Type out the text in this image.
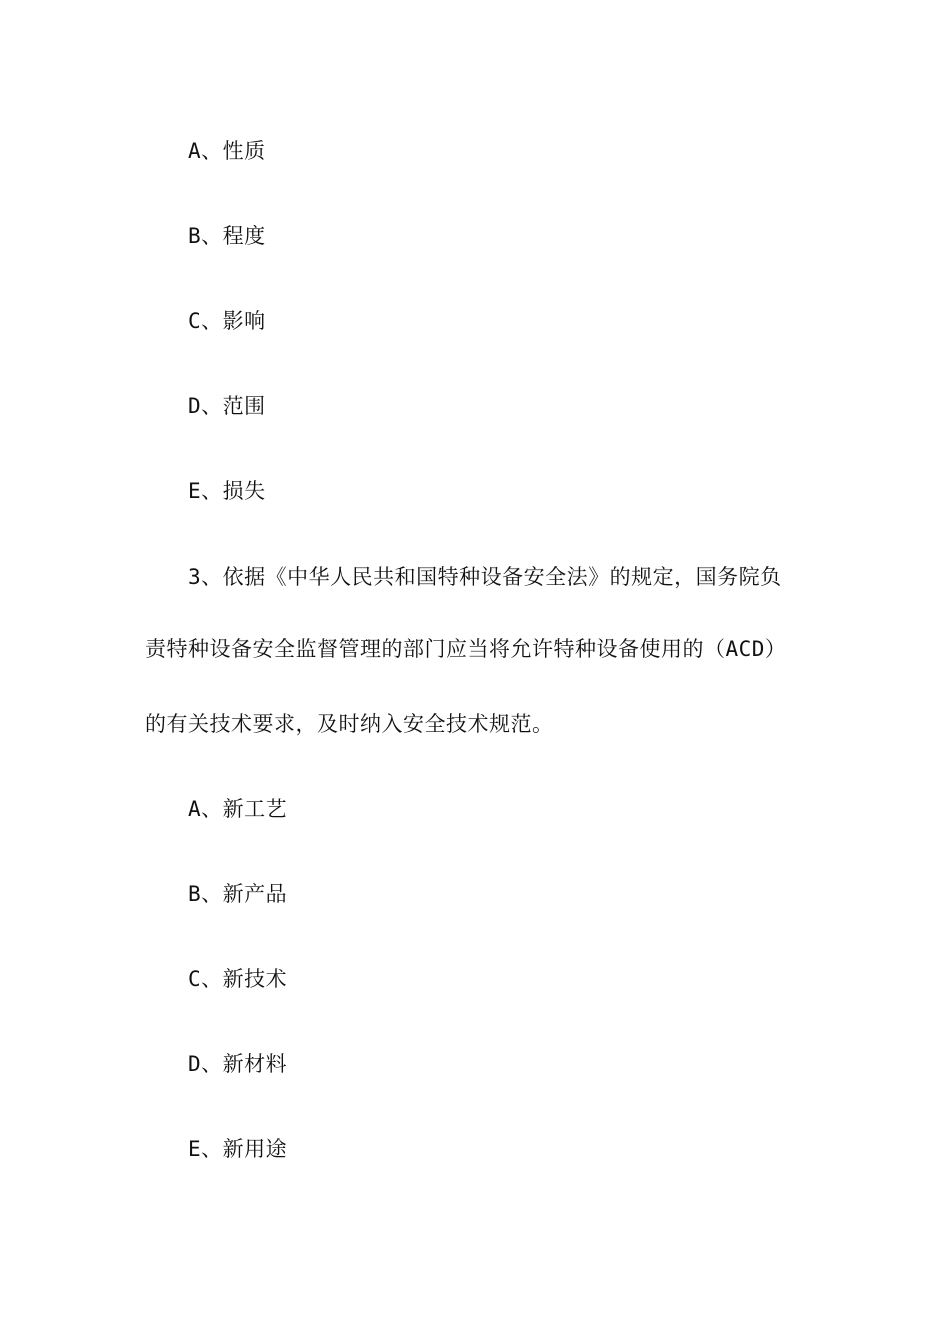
A、性质
B、程度
C、影响
D、范围
E、损失
3、依据《中华人民共和国特种设备安全法》的规定，国务院负
责特种设备安全监督管理的部门应当将允许特种设备使用的（ACD）
的有关技术要求，及时纳入安全技术规范。
A、新工艺
B、新产品
C、新技术
D、新材料
E、新用途
